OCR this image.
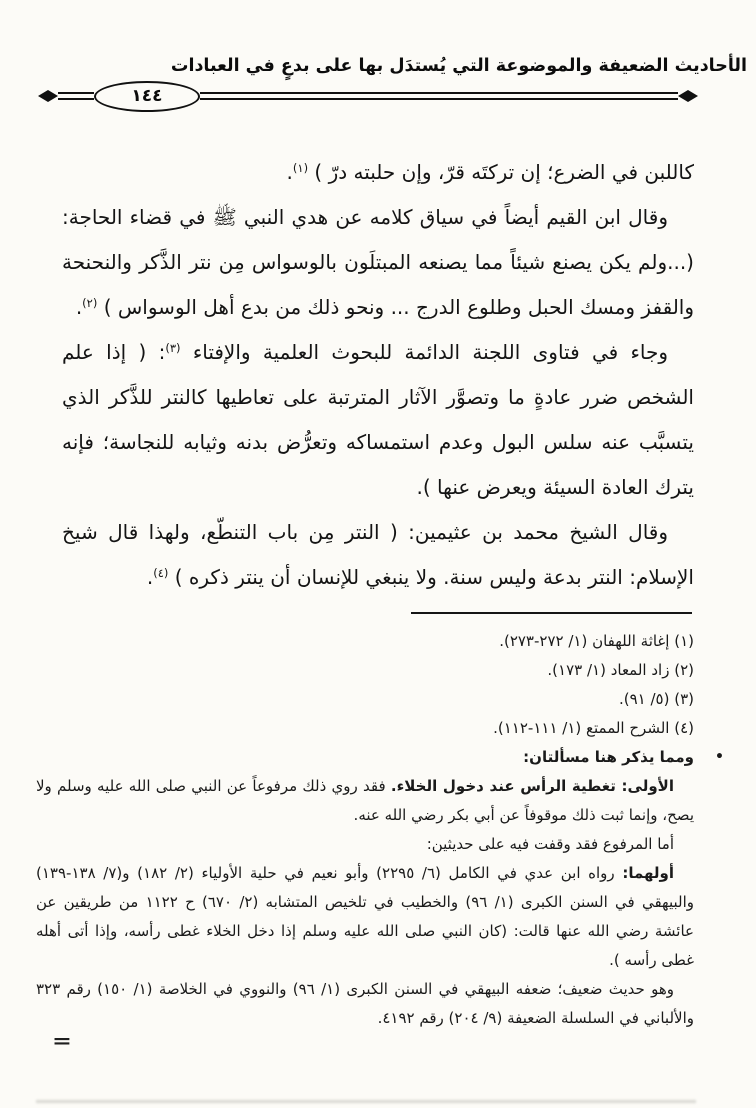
الأحاديث الضعيفة والموضوعة التي يُستدَل بها على بدعٍ في العبادات
١٤٤

كاللبن في الضرع؛ إن تركتَه قرّ، وإن حلبته درّ ) $^{(١)}$.

وقال ابن القيم أيضاً في سياق كلامه عن هدي النبي ﷺ في قضاء الحاجة: (...ولم يكن يصنع شيئاً مما يصنعه المبتلَون بالوسواس مِن نتر الذَّكر والنحنحة والقفز ومسك الحبل وطلوع الدرج ... ونحو ذلك من بدع أهل الوسواس ) $^{(٢)}$.

وجاء في فتاوى اللجنة الدائمة للبحوث العلمية والإفتاء $^{(٣)}$: ( إذا علم الشخص ضرر عادةٍ ما وتصوَّر الآثار المترتبة على تعاطيها كالنتر للذَّكر الذي يتسبَّب عنه سلس البول وعدم استمساكه وتعرُّض بدنه وثيابه للنجاسة؛ فإنه يترك العادة السيئة ويعرض عنها ).

وقال الشيخ محمد بن عثيمين: ( النتر مِن باب التنطّع، ولهذا قال شيخ الإسلام: النتر بدعة وليس سنة. ولا ينبغي للإنسان أن ينتر ذكره ) $^{(٤)}$.

(١) إغاثة اللهفان (١/ ٢٧٢-٢٧٣).

(٢) زاد المعاد (١/ ١٧٣).

(٣) (٥/ ٩١).

(٤) الشرح الممتع (١/ ١١١-١١٢).

•
ومما يذكر هنا مسألتان:

الأولى: تغطية الرأس عند دخول الخلاء. فقد روي ذلك مرفوعاً عن النبي صلى الله عليه وسلم ولا يصح، وإنما ثبت ذلك موقوفاً عن أبي بكر رضي الله عنه.

أما المرفوع فقد وقفت فيه على حديثين:

أولهما: رواه ابن عدي في الكامل (٦/ ٢٢٩٥) وأبو نعيم في حلية الأولياء (٢/ ١٨٢) و(٧/ ١٣٨-١٣٩) والبيهقي في السنن الكبرى (١/ ٩٦) والخطيب في تلخيص المتشابه (٢/ ٦٧٠) ح ١١٢٢ من طريقين عن عائشة رضي الله عنها قالت: (كان النبي صلى الله عليه وسلم إذا دخل الخلاء غطى رأسه، وإذا أتى أهله غطى رأسه ).

وهو حديث ضعيف؛ ضعفه البيهقي في السنن الكبرى (١/ ٩٦) والنووي في الخلاصة (١/ ١٥٠) رقم ٣٢٣ والألباني في السلسلة الضعيفة (٩/ ٢٠٤) رقم ٤١٩٢.

=
